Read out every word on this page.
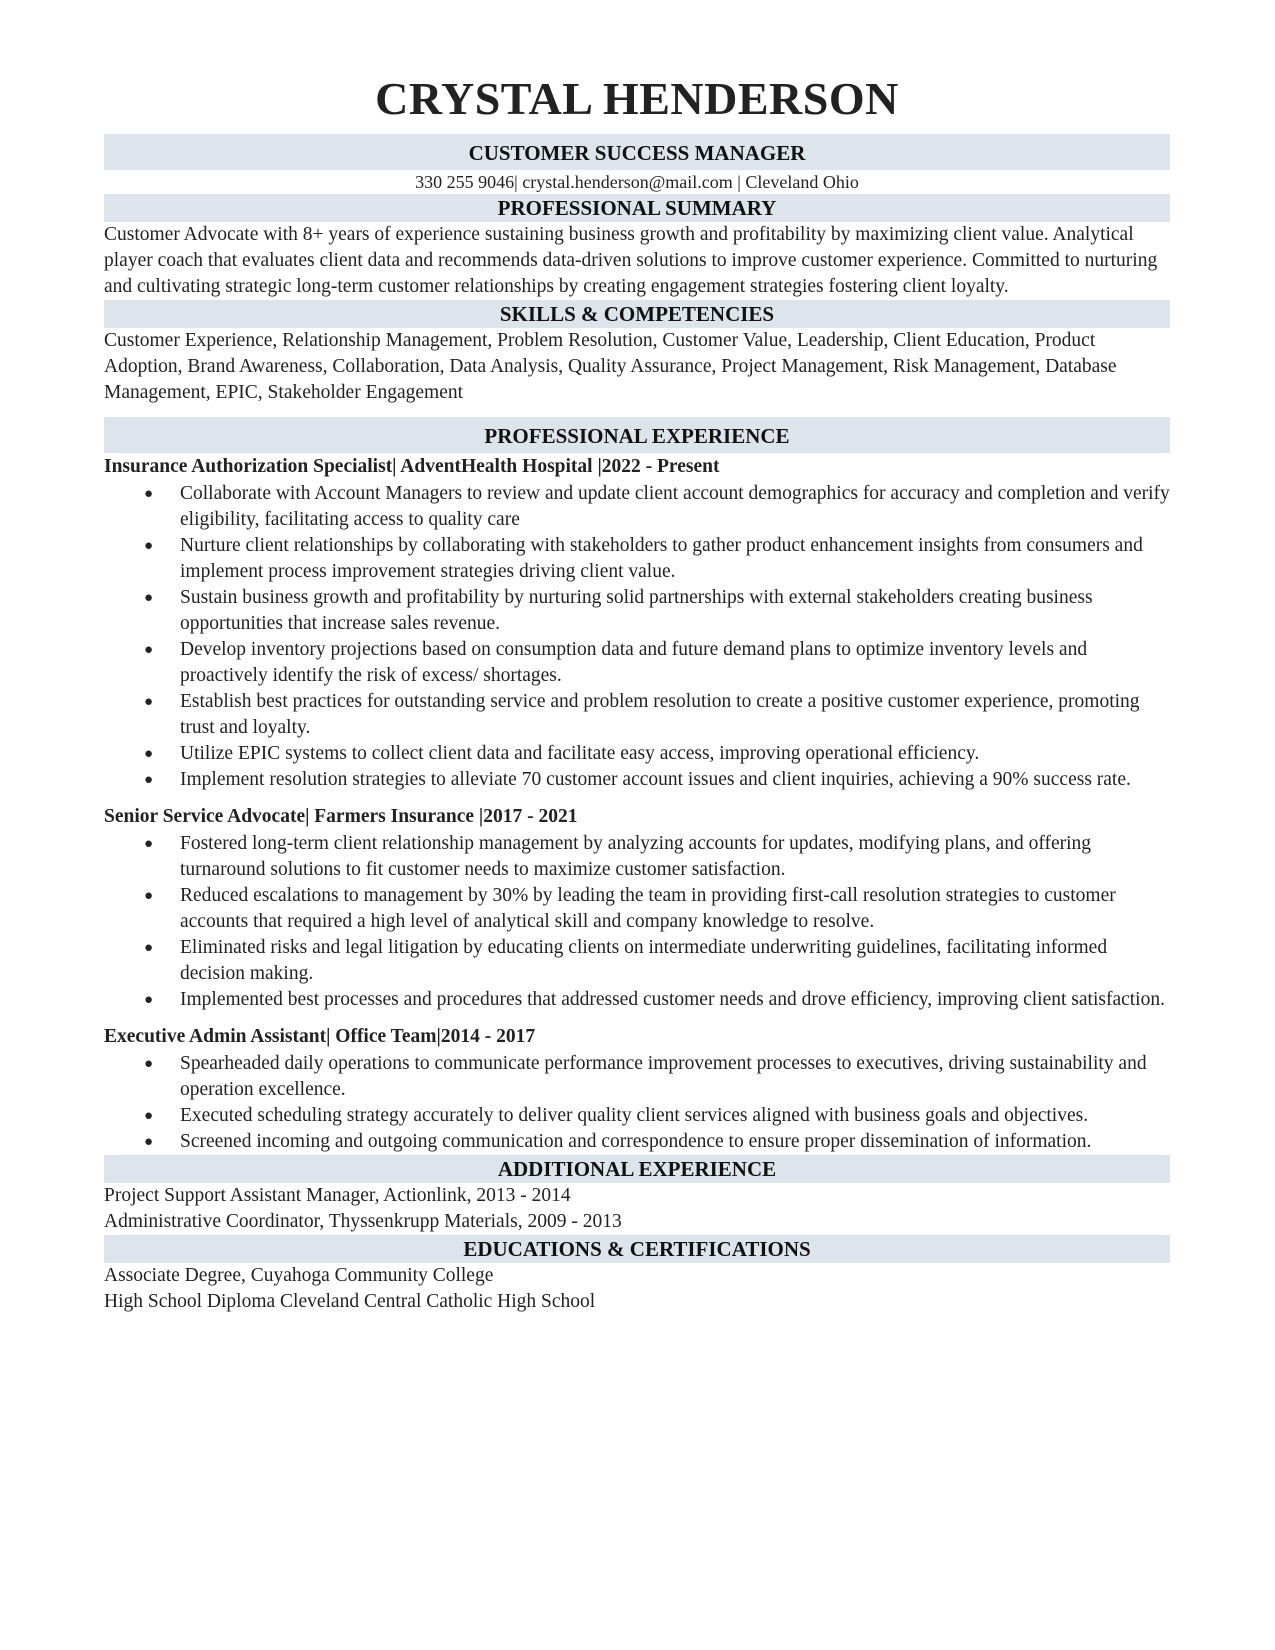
CRYSTAL HENDERSON
CUSTOMER SUCCESS MANAGER
330 255 9046| crystal.henderson@mail.com | Cleveland Ohio
PROFESSIONAL SUMMARY

Customer Advocate with 8+ years of experience sustaining business growth and profitability by maximizing client value. Analytical player coach that evaluates client data and recommends data-driven solutions to improve customer experience. Committed to nurturing and cultivating strategic long-term customer relationships by creating engagement strategies fostering client loyalty.

SKILLS & COMPETENCIES

Customer Experience, Relationship Management, Problem Resolution, Customer Value, Leadership, Client Education, Product Adoption, Brand Awareness, Collaboration, Data Analysis, Quality Assurance, Project Management, Risk Management, Database Management, EPIC, Stakeholder Engagement

PROFESSIONAL EXPERIENCE

Insurance Authorization Specialist| AdventHealth Hospital |2022 - Present

● Collaborate with Account Managers to review and update client account demographics for accuracy and completion and verify eligibility, facilitating access to quality care
● Nurture client relationships by collaborating with stakeholders to gather product enhancement insights from consumers and implement process improvement strategies driving client value.
● Sustain business growth and profitability by nurturing solid partnerships with external stakeholders creating business opportunities that increase sales revenue.
● Develop inventory projections based on consumption data and future demand plans to optimize inventory levels and proactively identify the risk of excess/ shortages.
● Establish best practices for outstanding service and problem resolution to create a positive customer experience, promoting trust and loyalty.
● Utilize EPIC systems to collect client data and facilitate easy access, improving operational efficiency.
● Implement resolution strategies to alleviate 70 customer account issues and client inquiries, achieving a 90% success rate.

Senior Service Advocate| Farmers Insurance |2017 - 2021

● Fostered long-term client relationship management by analyzing accounts for updates, modifying plans, and offering turnaround solutions to fit customer needs to maximize customer satisfaction.
● Reduced escalations to management by 30% by leading the team in providing first-call resolution strategies to customer accounts that required a high level of analytical skill and company knowledge to resolve.
● Eliminated risks and legal litigation by educating clients on intermediate underwriting guidelines, facilitating informed decision making.
● Implemented best processes and procedures that addressed customer needs and drove efficiency, improving client satisfaction.

Executive Admin Assistant| Office Team|2014 - 2017

● Spearheaded daily operations to communicate performance improvement processes to executives, driving sustainability and operation excellence.
● Executed scheduling strategy accurately to deliver quality client services aligned with business goals and objectives.
● Screened incoming and outgoing communication and correspondence to ensure proper dissemination of information.
ADDITIONAL EXPERIENCE

Project Support Assistant Manager, Actionlink, 2013 - 2014

Administrative Coordinator, Thyssenkrupp Materials, 2009 - 2013

EDUCATIONS & CERTIFICATIONS

Associate Degree, Cuyahoga Community College

High School Diploma Cleveland Central Catholic High School
